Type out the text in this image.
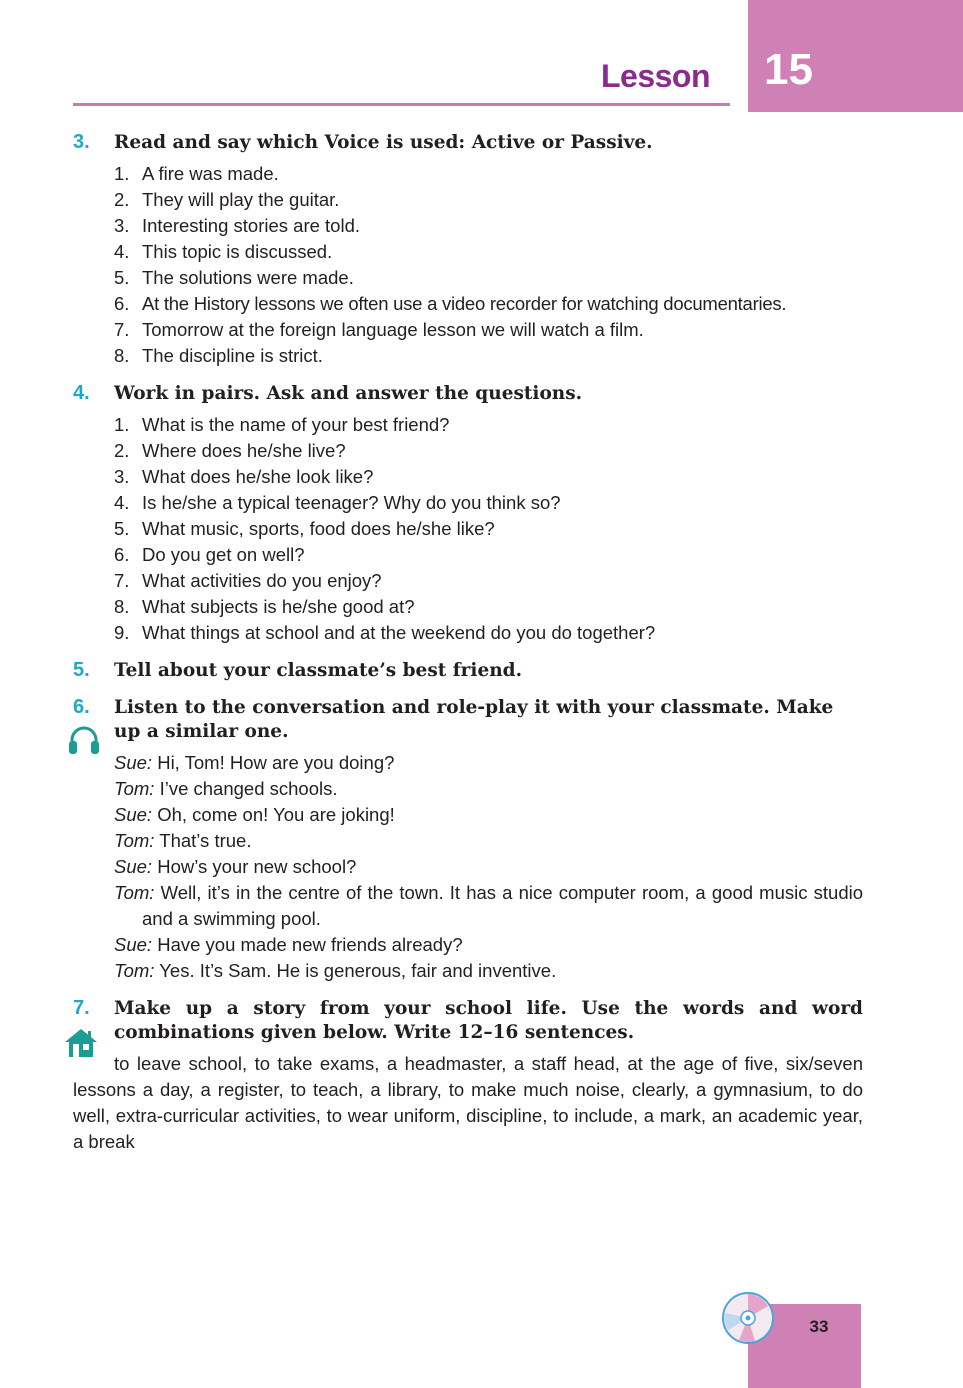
Lesson 15
3. Read and say which Voice is used: Active or Passive.
1. A fire was made.
2. They will play the guitar.
3. Interesting stories are told.
4. This topic is discussed.
5. The solutions were made.
6. At the History lessons we often use a video recorder for watching documentaries.
7. Tomorrow at the foreign language lesson we will watch a film.
8. The discipline is strict.
4. Work in pairs. Ask and answer the questions.
1. What is the name of your best friend?
2. Where does he/she live?
3. What does he/she look like?
4. Is he/she a typical teenager? Why do you think so?
5. What music, sports, food does he/she like?
6. Do you get on well?
7. What activities do you enjoy?
8. What subjects is he/she good at?
9. What things at school and at the weekend do you do together?
5. Tell about your classmate’s best friend.
6. Listen to the conversation and role-play it with your classmate. Make up a similar one.
Sue: Hi, Tom! How are you doing?
Tom: I’ve changed schools.
Sue: Oh, come on! You are joking!
Tom: That’s true.
Sue: How’s your new school?
Tom: Well, it’s in the centre of the town. It has a nice computer room, a good music studio and a swimming pool.
Sue: Have you made new friends already?
Tom: Yes. It’s Sam. He is generous, fair and inventive.
7. Make up a story from your school life. Use the words and word combinations given below. Write 12–16 sentences.
to leave school, to take exams, a headmaster, a staff head, at the age of five, six/seven lessons a day, a register, to teach, a library, to make much noise, clearly, a gymnasium, to do well, extra-curricular activities, to wear uniform, discipline, to include, a mark, an academic year, a break
33
